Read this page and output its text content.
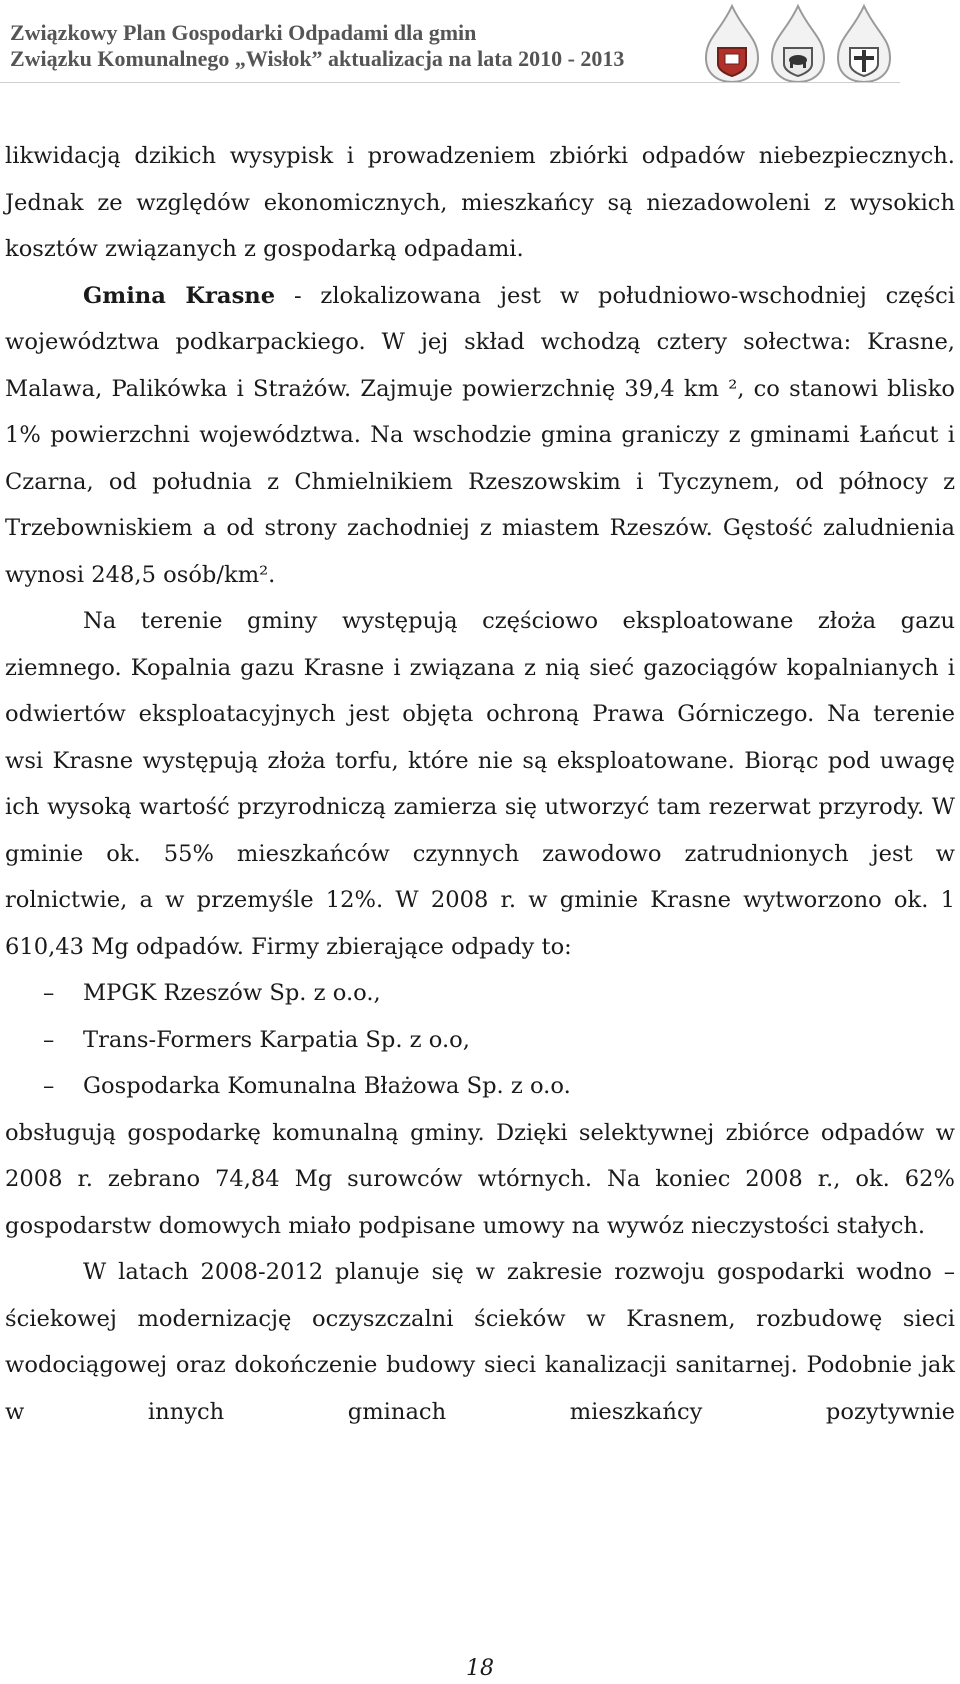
Związkowy Plan Gospodarki Odpadami dla gmin
Związku Komunalnego „Wisłok” aktualizacja na lata 2010 - 2013

likwidacją dzikich wysypisk i prowadzeniem zbiórki odpadów niebezpiecznych. Jednak ze względów ekonomicznych, mieszkańcy są niezadowoleni z wysokich kosztów związanych z gospodarką odpadami.

Gmina Krasne - zlokalizowana jest w południowo-wschodniej części województwa podkarpackiego. W jej skład wchodzą cztery sołectwa: Krasne, Malawa, Palikówka i Strażów. Zajmuje powierzchnię 39,4 km ², co stanowi blisko 1% powierzchni województwa. Na wschodzie gmina graniczy z gminami Łańcut i Czarna, od południa z Chmielnikiem Rzeszowskim i Tyczynem, od północy z Trzebowniskiem a od strony zachodniej z miastem Rzeszów. Gęstość zaludnienia wynosi 248,5 osób/km².

Na terenie gminy występują częściowo eksploatowane złoża gazu ziemnego. Kopalnia gazu Krasne i związana z nią sieć gazociągów kopalnianych i odwiertów eksploatacyjnych jest objęta ochroną Prawa Górniczego. Na terenie wsi Krasne występują złoża torfu, które nie są eksploatowane. Biorąc pod uwagę ich wysoką wartość przyrodniczą zamierza się utworzyć tam rezerwat przyrody. W gminie ok. 55% mieszkańców czynnych zawodowo zatrudnionych jest w rolnictwie, a w przemyśle 12%. W 2008 r. w gminie Krasne wytworzono ok. 1 610,43 Mg odpadów. Firmy zbierające odpady to:

– MPGK Rzeszów Sp. z o.o.,
– Trans-Formers Karpatia Sp. z o.o,
– Gospodarka Komunalna Błażowa Sp. z o.o.

obsługują gospodarkę komunalną gminy. Dzięki selektywnej zbiórce odpadów w 2008 r. zebrano 74,84 Mg surowców wtórnych. Na koniec 2008 r., ok. 62% gospodarstw domowych miało podpisane umowy na wywóz nieczystości stałych.

W latach 2008-2012 planuje się w zakresie rozwoju gospodarki wodno – ściekowej modernizację oczyszczalni ścieków w Krasnem, rozbudowę sieci wodociągowej oraz dokończenie budowy sieci kanalizacji sanitarnej. Podobnie jak w innych gminach mieszkańcy pozytywnie

18
